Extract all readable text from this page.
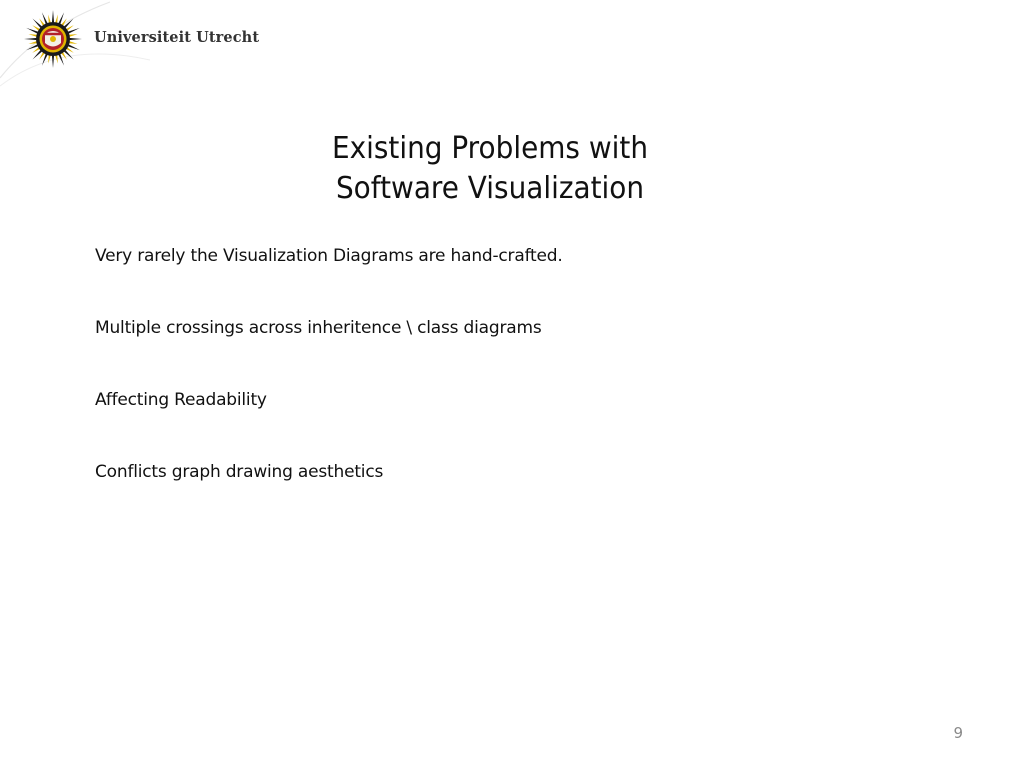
Universiteit Utrecht
Existing Problems with
Software Visualization
Very rarely the Visualization Diagrams are hand-crafted.
Multiple crossings across inheritence \ class diagrams
Affecting Readability
Conflicts graph drawing aesthetics
9
